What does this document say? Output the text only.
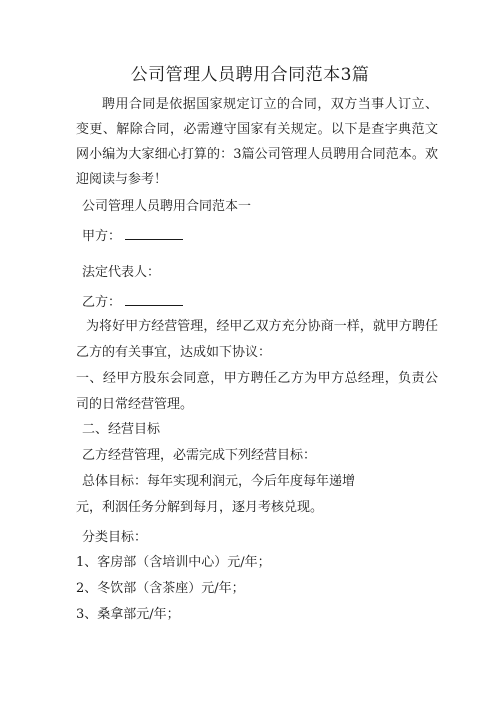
公司管理人员聘用合同范本3篇
聘用合同是依据国家规定订立的合同，双方当事人订立、变更、解除合同，必需遵守国家有关规定。以下是查字典范文网小编为大家细心打算的：3篇公司管理人员聘用合同范本。欢迎阅读与参考！
公司管理人员聘用合同范本一
甲方：
法定代表人：
乙方：
为将好甲方经营管理，经甲乙双方充分协商一样，就甲方聘任乙方的有关事宜，达成如下协议：
一、经甲方股东会同意，甲方聘任乙方为甲方总经理，负责公司的日常经营管理。
二、经营目标
乙方经营管理，必需完成下列经营目标：
总体目标：每年实现利润元，今后年度每年递增
元，利洇任务分解到每月，逐月考核兑现。
分类目标：
1、客房部（含培训中心）元/年；
2、冬饮部（含茶座）元/年；
3、桑拿部元/年；
